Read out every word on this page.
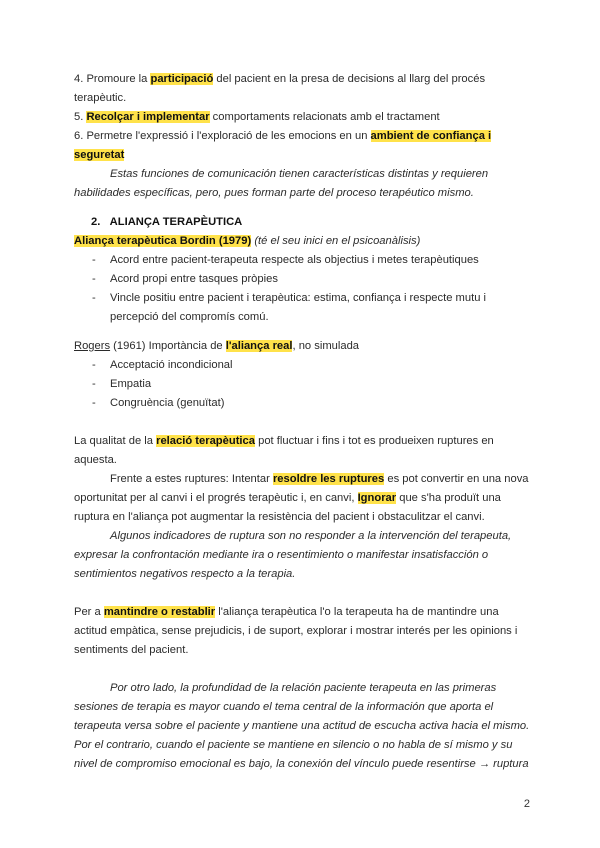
4. Promoure la participació del pacient en la presa de decisions al llarg del procés terapèutic.

5. Recolçar i implementar comportaments relacionats amb el tractament

6. Permetre l'expressió i l'exploració de les emocions en un ambient de confiança i seguretat

Estas funciones de comunicación tienen características distintas y requieren habilidades específicas, pero, pues forman parte del proceso terapéutico mismo.

2. ALIANÇA TERAPÈUTICA

Aliança terapèutica Bordin (1979) (té el seu inici en el psicoanàlisis)

- Acord entre pacient-terapeuta respecte als objectius i metes terapèutiques
- Acord propi entre tasques pròpies
- Vincle positiu entre pacient i terapèutica: estima, confiança i respecte mutu i percepció del compromís comú.

Rogers (1961) Importància de l'aliança real, no simulada

- Acceptació incondicional
- Empatia
- Congruència (genuïtat)

La qualitat de la relació terapèutica pot fluctuar i fins i tot es produeixen ruptures en aquesta.

Frente a estes ruptures: Intentar resoldre les ruptures es pot convertir en una nova oportunitat per al canvi i el progrés terapèutic i, en canvi, Ignorar que s'ha produït una ruptura en l'aliança pot augmentar la resistència del pacient i obstaculitzar el canvi.

Algunos indicadores de ruptura son no responder a la intervención del terapeuta, expresar la confrontación mediante ira o resentimiento o manifestar insatisfacción o sentimientos negativos respecto a la terapia.

Per a mantindre o restablir l'aliança terapèutica l'o la terapeuta ha de mantindre una actitud empàtica, sense prejudicis, i de suport, explorar i mostrar interés per les opinions i sentiments del pacient.

Por otro lado, la profundidad de la relación paciente terapeuta en las primeras sesiones de terapia es mayor cuando el tema central de la información que aporta el terapeuta versa sobre el paciente y mantiene una actitud de escucha activa hacia el mismo. Por el contrario, cuando el paciente se mantiene en silencio o no habla de sí mismo y su nivel de compromiso emocional es bajo, la conexión del vínculo puede resentirse → ruptura

2
